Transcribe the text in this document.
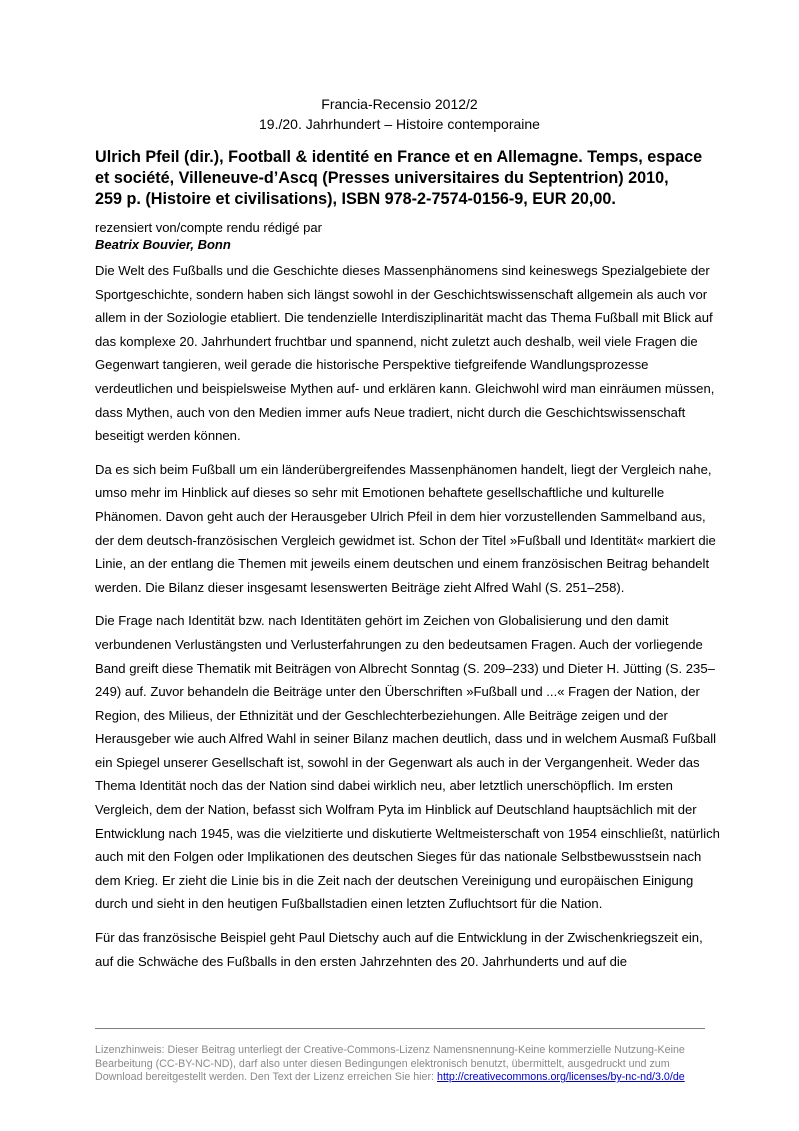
Francia-Recensio 2012/2
19./20. Jahrhundert – Histoire contemporaine
Ulrich Pfeil (dir.), Football & identité en France et en Allemagne. Temps, espace
et société, Villeneuve-d’Ascq (Presses universitaires du Septentrion) 2010,
259 p. (Histoire et civilisations), ISBN 978-2-7574-0156-9, EUR 20,00.
rezensiert von/compte rendu rédigé par
Beatrix Bouvier, Bonn

Die Welt des Fußballs und die Geschichte dieses Massenphänomens sind keineswegs Spezialgebiete der Sportgeschichte, sondern haben sich längst sowohl in der Geschichtswissenschaft allgemein als auch vor allem in der Soziologie etabliert. Die tendenzielle Interdisziplinarität macht das Thema Fußball mit Blick auf das komplexe 20. Jahrhundert fruchtbar und spannend, nicht zuletzt auch deshalb, weil viele Fragen die Gegenwart tangieren, weil gerade die historische Perspektive tiefgreifende Wandlungsprozesse verdeutlichen und beispielsweise Mythen auf- und erklären kann. Gleichwohl wird man einräumen müssen, dass Mythen, auch von den Medien immer aufs Neue tradiert, nicht durch die Geschichtswissenschaft beseitigt werden können.

Da es sich beim Fußball um ein länderübergreifendes Massenphänomen handelt, liegt der Vergleich nahe, umso mehr im Hinblick auf dieses so sehr mit Emotionen behaftete gesellschaftliche und kulturelle Phänomen. Davon geht auch der Herausgeber Ulrich Pfeil in dem hier vorzustellenden Sammelband aus, der dem deutsch-französischen Vergleich gewidmet ist. Schon der Titel »Fußball und Identität« markiert die Linie, an der entlang die Themen mit jeweils einem deutschen und einem französischen Beitrag behandelt werden. Die Bilanz dieser insgesamt lesenswerten Beiträge zieht Alfred Wahl (S. 251–258).

Die Frage nach Identität bzw. nach Identitäten gehört im Zeichen von Globalisierung und den damit verbundenen Verlustängsten und Verlusterfahrungen zu den bedeutsamen Fragen. Auch der vorliegende Band greift diese Thematik mit Beiträgen von Albrecht Sonntag (S. 209–233) und Dieter H. Jütting (S. 235–249) auf. Zuvor behandeln die Beiträge unter den Überschriften »Fußball und ...« Fragen der Nation, der Region, des Milieus, der Ethnizität und der Geschlechterbeziehungen. Alle Beiträge zeigen und der Herausgeber wie auch Alfred Wahl in seiner Bilanz machen deutlich, dass und in welchem Ausmaß Fußball ein Spiegel unserer Gesellschaft ist, sowohl in der Gegenwart als auch in der Vergangenheit. Weder das Thema Identität noch das der Nation sind dabei wirklich neu, aber letztlich unerschöpflich. Im ersten Vergleich, dem der Nation, befasst sich Wolfram Pyta im Hinblick auf Deutschland hauptsächlich mit der Entwicklung nach 1945, was die vielzitierte und diskutierte Weltmeisterschaft von 1954 einschließt, natürlich auch mit den Folgen oder Implikationen des deutschen Sieges für das nationale Selbstbewusstsein nach dem Krieg. Er zieht die Linie bis in die Zeit nach der deutschen Vereinigung und europäischen Einigung durch und sieht in den heutigen Fußballstadien einen letzten Zufluchtsort für die Nation.

Für das französische Beispiel geht Paul Dietschy auch auf die Entwicklung in der Zwischenkriegszeit ein, auf die Schwäche des Fußballs in den ersten Jahrzehnten des 20. Jahrhunderts und auf die

Lizenzhinweis: Dieser Beitrag unterliegt der Creative-Commons-Lizenz Namensnennung-Keine kommerzielle Nutzung-Keine
Bearbeitung (CC-BY-NC-ND), darf also unter diesen Bedingungen elektronisch benutzt, übermittelt, ausgedruckt und zum
Download bereitgestellt werden. Den Text der Lizenz erreichen Sie hier: http://creativecommons.org/licenses/by-nc-nd/3.0/de
